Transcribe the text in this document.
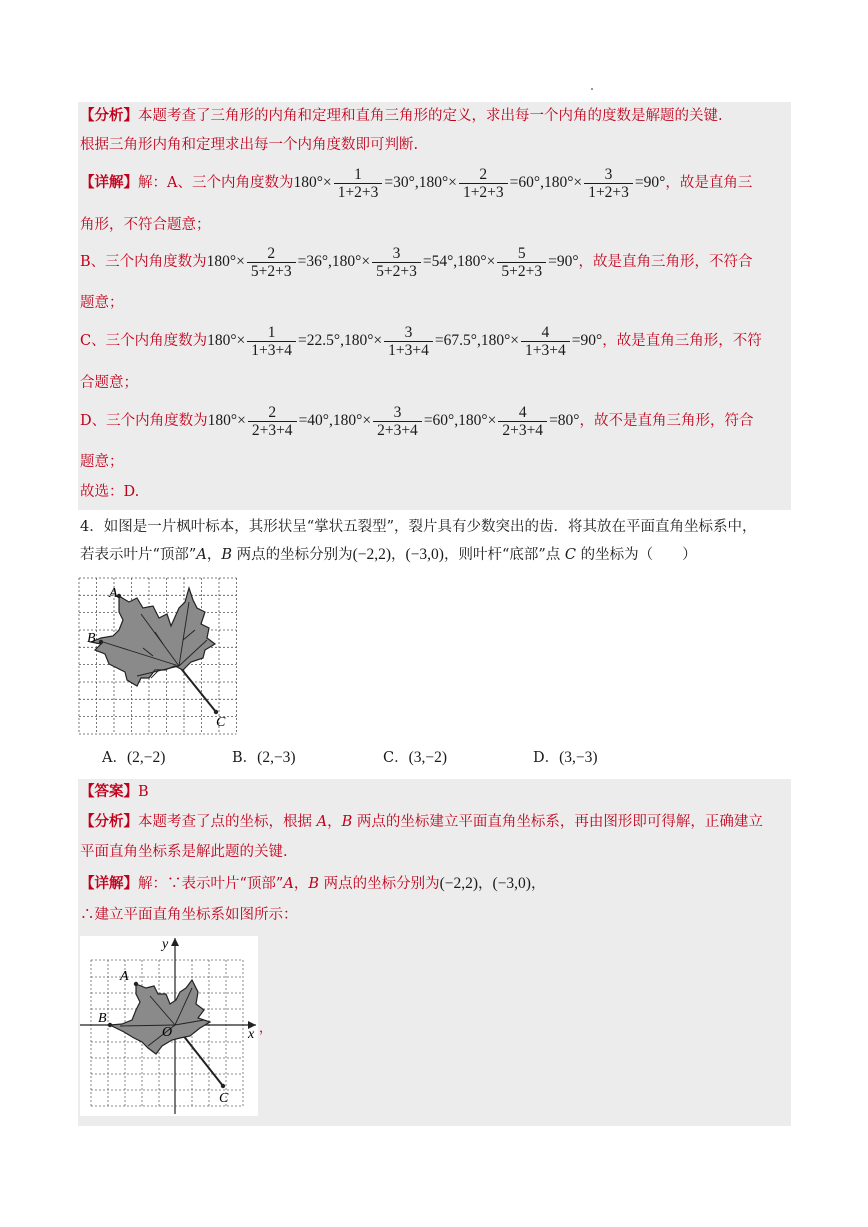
【分析】本题考查了三角形的内角和定理和直角三角形的定义，求出每一个内角的度数是解题的关键.
根据三角形内角和定理求出每一个内角度数即可判断.
【详解】解：A、三个内角度数为$180^\circ\times \frac{1}{1+2+3} =30^\circ,180^\circ\times \frac{2}{1+2+3} =60^\circ,180^\circ\times \frac{3}{1+2+3} =90^\circ$，故是直角三
角形，不符合题意；
B、三个内角度数为$180^\circ\times \frac{2}{5+2+3} =36^\circ,180^\circ\times \frac{3}{5+2+3} =54^\circ,180^\circ\times \frac{5}{5+2+3} =90^\circ$，故是直角三角形，不符合
题意；
C、三个内角度数为$180^\circ\times \frac{1}{1+3+4} =22.5^\circ,180^\circ\times \frac{3}{1+3+4} =67.5^\circ,180^\circ\times \frac{4}{1+3+4} =90^\circ$，故是直角三角形，不符
合题意；
D、三个内角度数为$180^\circ\times \frac{2}{2+3+4} =40^\circ,180^\circ\times \frac{3}{2+3+4} =60^\circ,180^\circ\times \frac{4}{2+3+4} =80^\circ$，故不是直角三角形，符合
题意；
故选：D.
4．如图是一片枫叶标本，其形状呈“掌状五裂型”，裂片具有少数突出的齿．将其放在平面直角坐标系中，
若表示叶片“顶部”A，B 两点的坐标分别为(−2,2)，(−3,0)，则叶杆“底部”点 C 的坐标为（　　）
A
B
C
A．(2,−2)	B．(2,−3)	C．(3,−2)	D．(3,−3)
【答案】B
【分析】本题考查了点的坐标，根据 A，B 两点的坐标建立平面直角坐标系，再由图形即可得解，正确建立
平面直角坐标系是解此题的关键.
【详解】解：∵表示叶片“顶部”A，B 两点的坐标分别为(−2,2)，(−3,0)，
∴建立平面直角坐标系如图所示：
A
B
C
O	x
y
，
